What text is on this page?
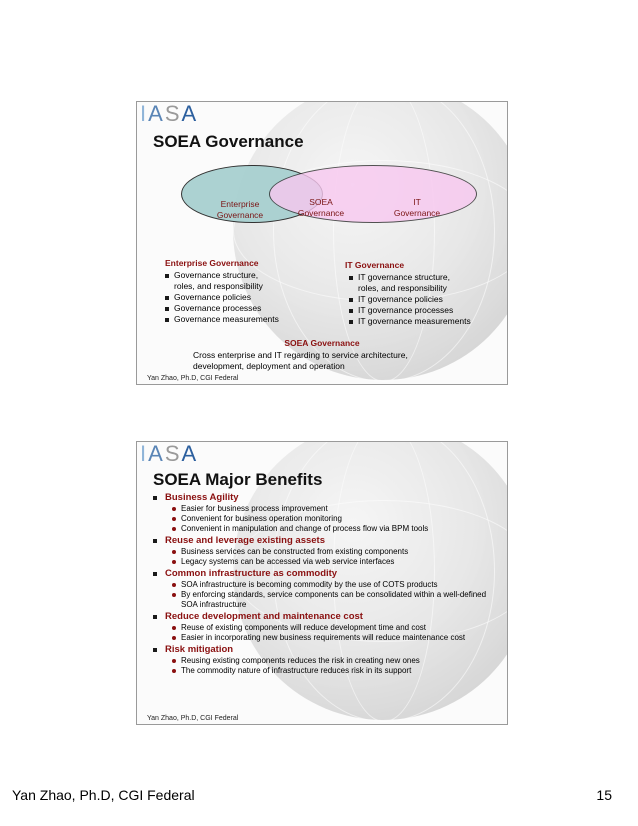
I A S A
SOEA Governance
Enterprise
Governance
SOEA
Governance
IT
Governance
Enterprise Governance
Governance structure,
roles, and responsibility
Governance policies
Governance processes
Governance measurements
IT Governance
IT governance structure,
roles, and responsibility
IT governance policies
IT governance processes
IT governance measurements
SOEA Governance
Cross enterprise and IT regarding to service architecture, development, deployment and operation
Yan Zhao, Ph.D, CGI Federal
I A S A
SOEA Major Benefits
Business Agility
Easier for business process improvement
Convenient for business operation monitoring
Convenient in manipulation and change of process flow via BPM tools
Reuse and leverage existing assets
Business services can be constructed from existing components
Legacy systems can be accessed via web service interfaces
Common infrastructure as commodity
SOA infrastructure is becoming commodity by the use of COTS products
By enforcing standards, service components can be consolidated within a well-defined SOA infrastructure
Reduce development and maintenance cost
Reuse of existing components will reduce development time and cost
Easier in incorporating new business requirements will reduce maintenance cost
Risk mitigation
Reusing existing components reduces the risk in creating new ones
The commodity nature of infrastructure reduces risk in its support
Yan Zhao, Ph.D, CGI Federal
Yan Zhao, Ph.D, CGI Federal	15
